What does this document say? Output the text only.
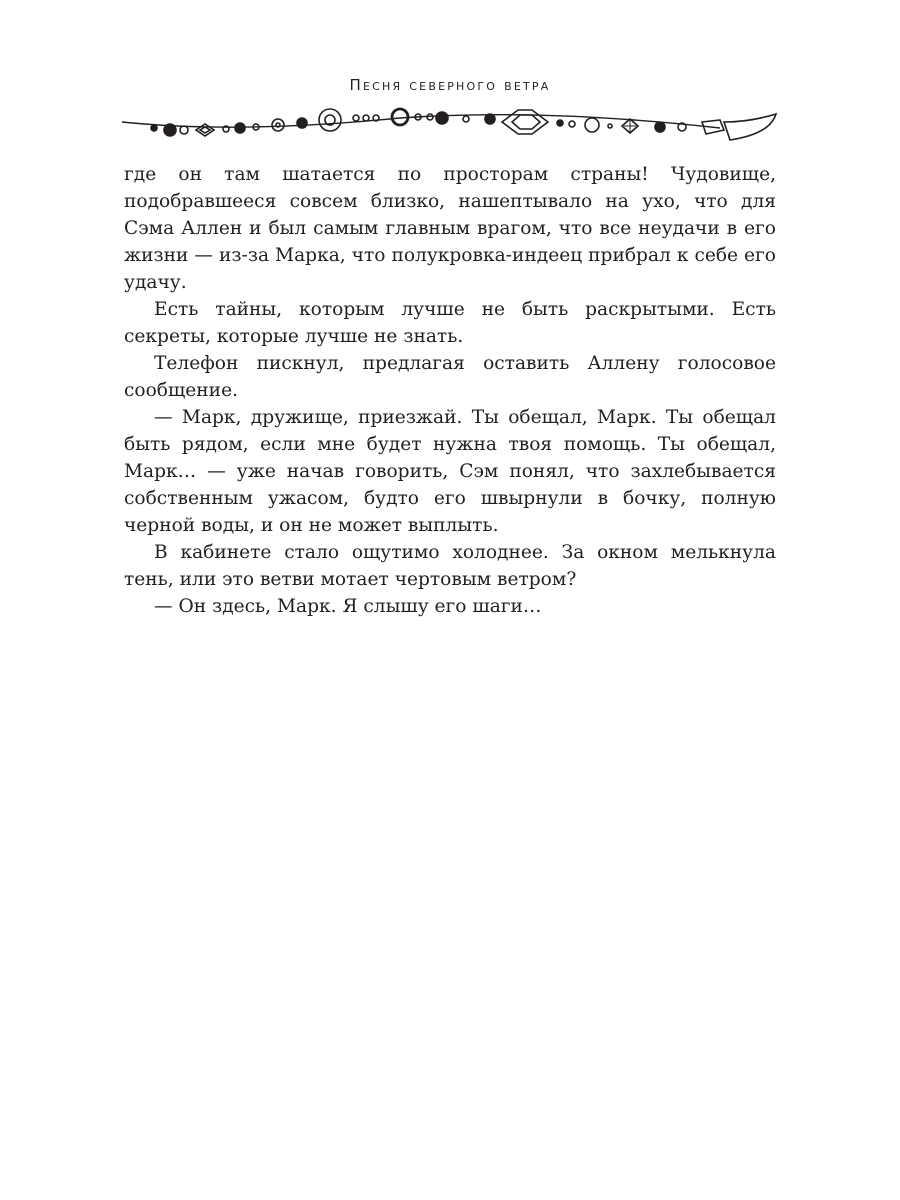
Песня северного ветра

где он там шатается по просторам страны! Чудовище, подобравшееся совсем близко, нашептывало на ухо, что для Сэма Аллен и был самым главным врагом, что все неудачи в его жизни — из-за Марка, что полукровка-индеец прибрал к себе его удачу.

Есть тайны, которым лучше не быть раскрытыми. Есть секреты, которые лучше не знать.

Телефон пискнул, предлагая оставить Аллену голосовое сообщение.

— Марк, дружище, приезжай. Ты обещал, Марк. Ты обещал быть рядом, если мне будет нужна твоя помощь. Ты обещал, Марк… — уже начав говорить, Сэм понял, что захлебывается собственным ужасом, будто его швырнули в бочку, полную черной воды, и он не может выплыть.

В кабинете стало ощутимо холоднее. За окном мелькнула тень, или это ветви мотает чертовым ветром?

— Он здесь, Марк. Я слышу его шаги…
